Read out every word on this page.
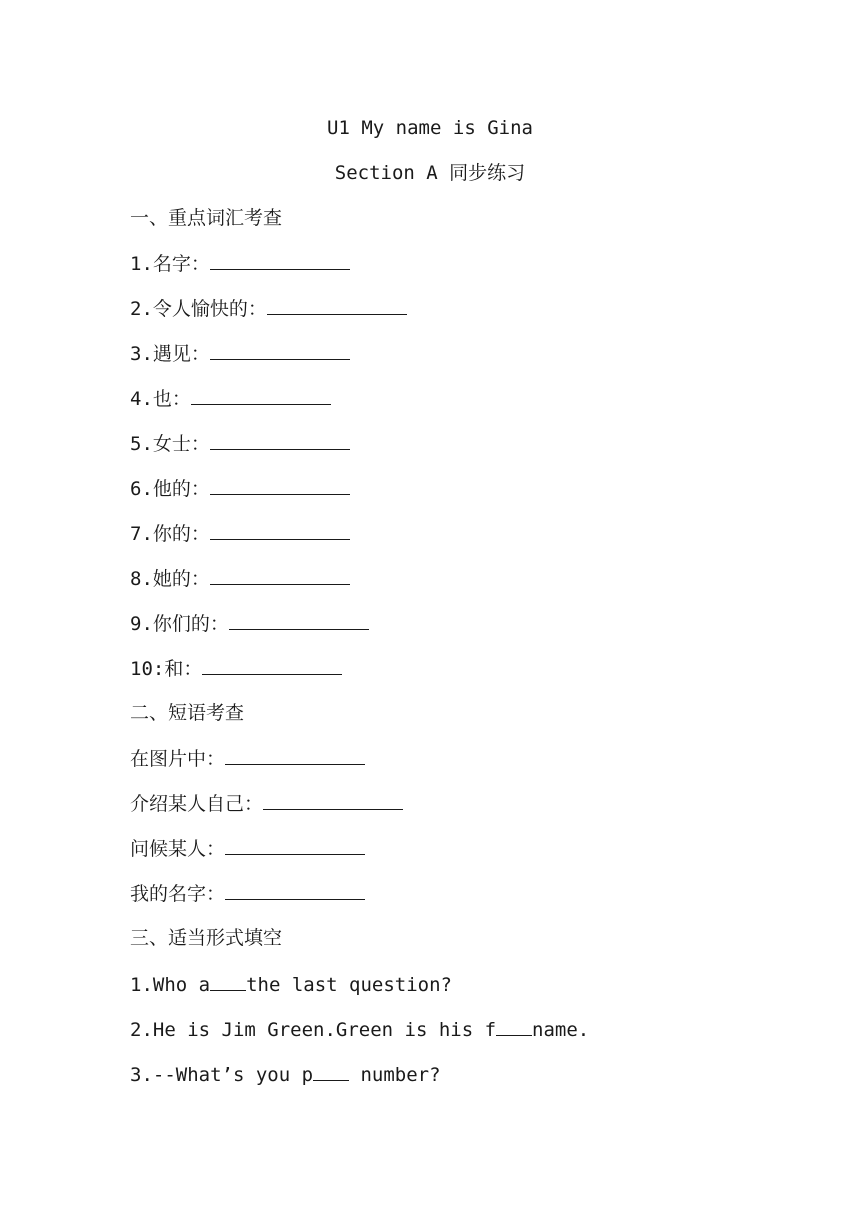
U1 My name is Gina
Section A 同步练习
一、重点词汇考查
1.名字：
2.令人愉快的：
3.遇见：
4.也：
5.女士：
6.他的：
7.你的：
8.她的：
9.你们的：
10:和：
二、短语考查
在图片中：
介绍某人自己：
问候某人：
我的名字：
三、适当形式填空
1.Who a the last question?
2.He is Jim Green.Green is his f name.
3.--What’s you p number?
